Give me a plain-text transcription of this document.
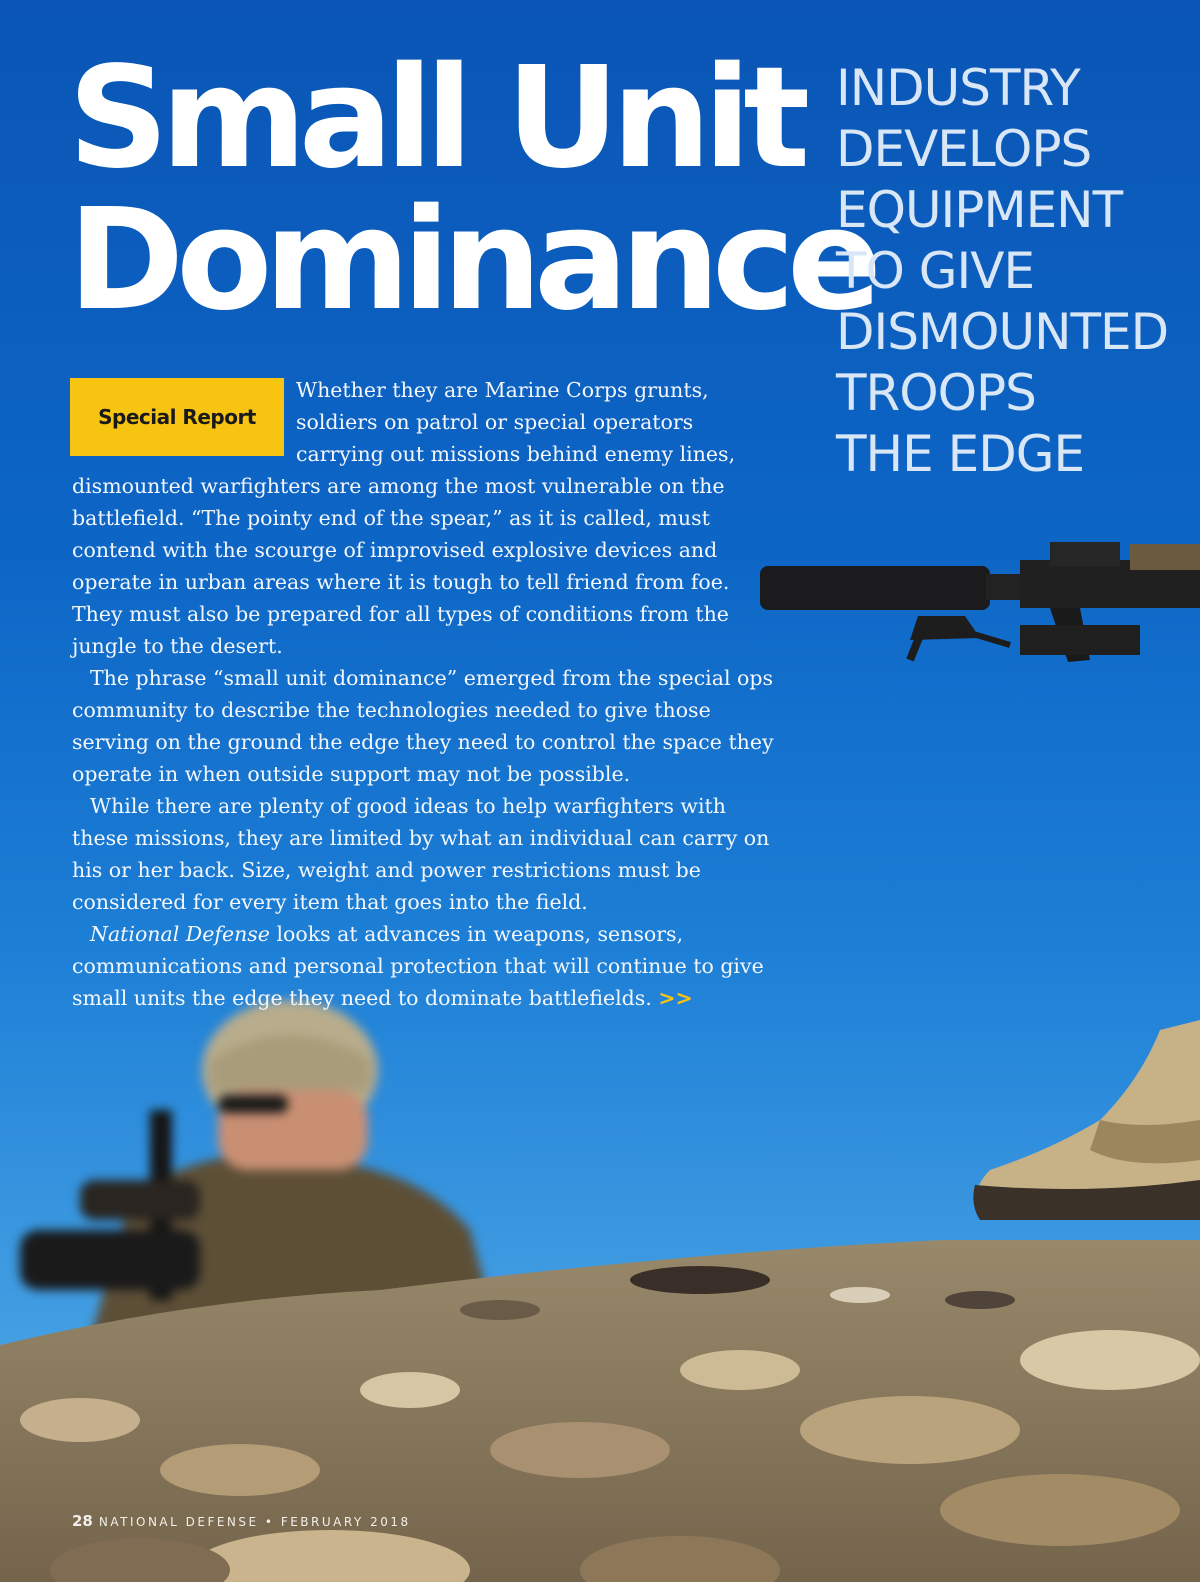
Small Unit
Dominance
INDUSTRY
DEVELOPS
EQUIPMENT
TO GIVE
DISMOUNTED
TROOPS
THE EDGE
Special Report

Whether they are Marine Corps grunts, soldiers on patrol or special operators carrying out missions behind enemy lines, dismounted warfighters are among the most vulnerable on the battlefield. “The pointy end of the spear,” as it is called, must contend with the scourge of improvised explosive devices and operate in urban areas where it is tough to tell friend from foe. They must also be prepared for all types of conditions from the jungle to the desert.

The phrase “small unit dominance” emerged from the special ops community to describe the technologies needed to give those serving on the ground the edge they need to control the space they operate in when outside support may not be possible.

While there are plenty of good ideas to help warfighters with these missions, they are limited by what an individual can carry on his or her back. Size, weight and power restrictions must be considered for every item that goes into the field.

National Defense looks at advances in weapons, sensors, communications and personal protection that will continue to give small units the edge they need to dominate battlefields. >>

28 NATIONAL DEFENSE • FEBRUARY 2018
